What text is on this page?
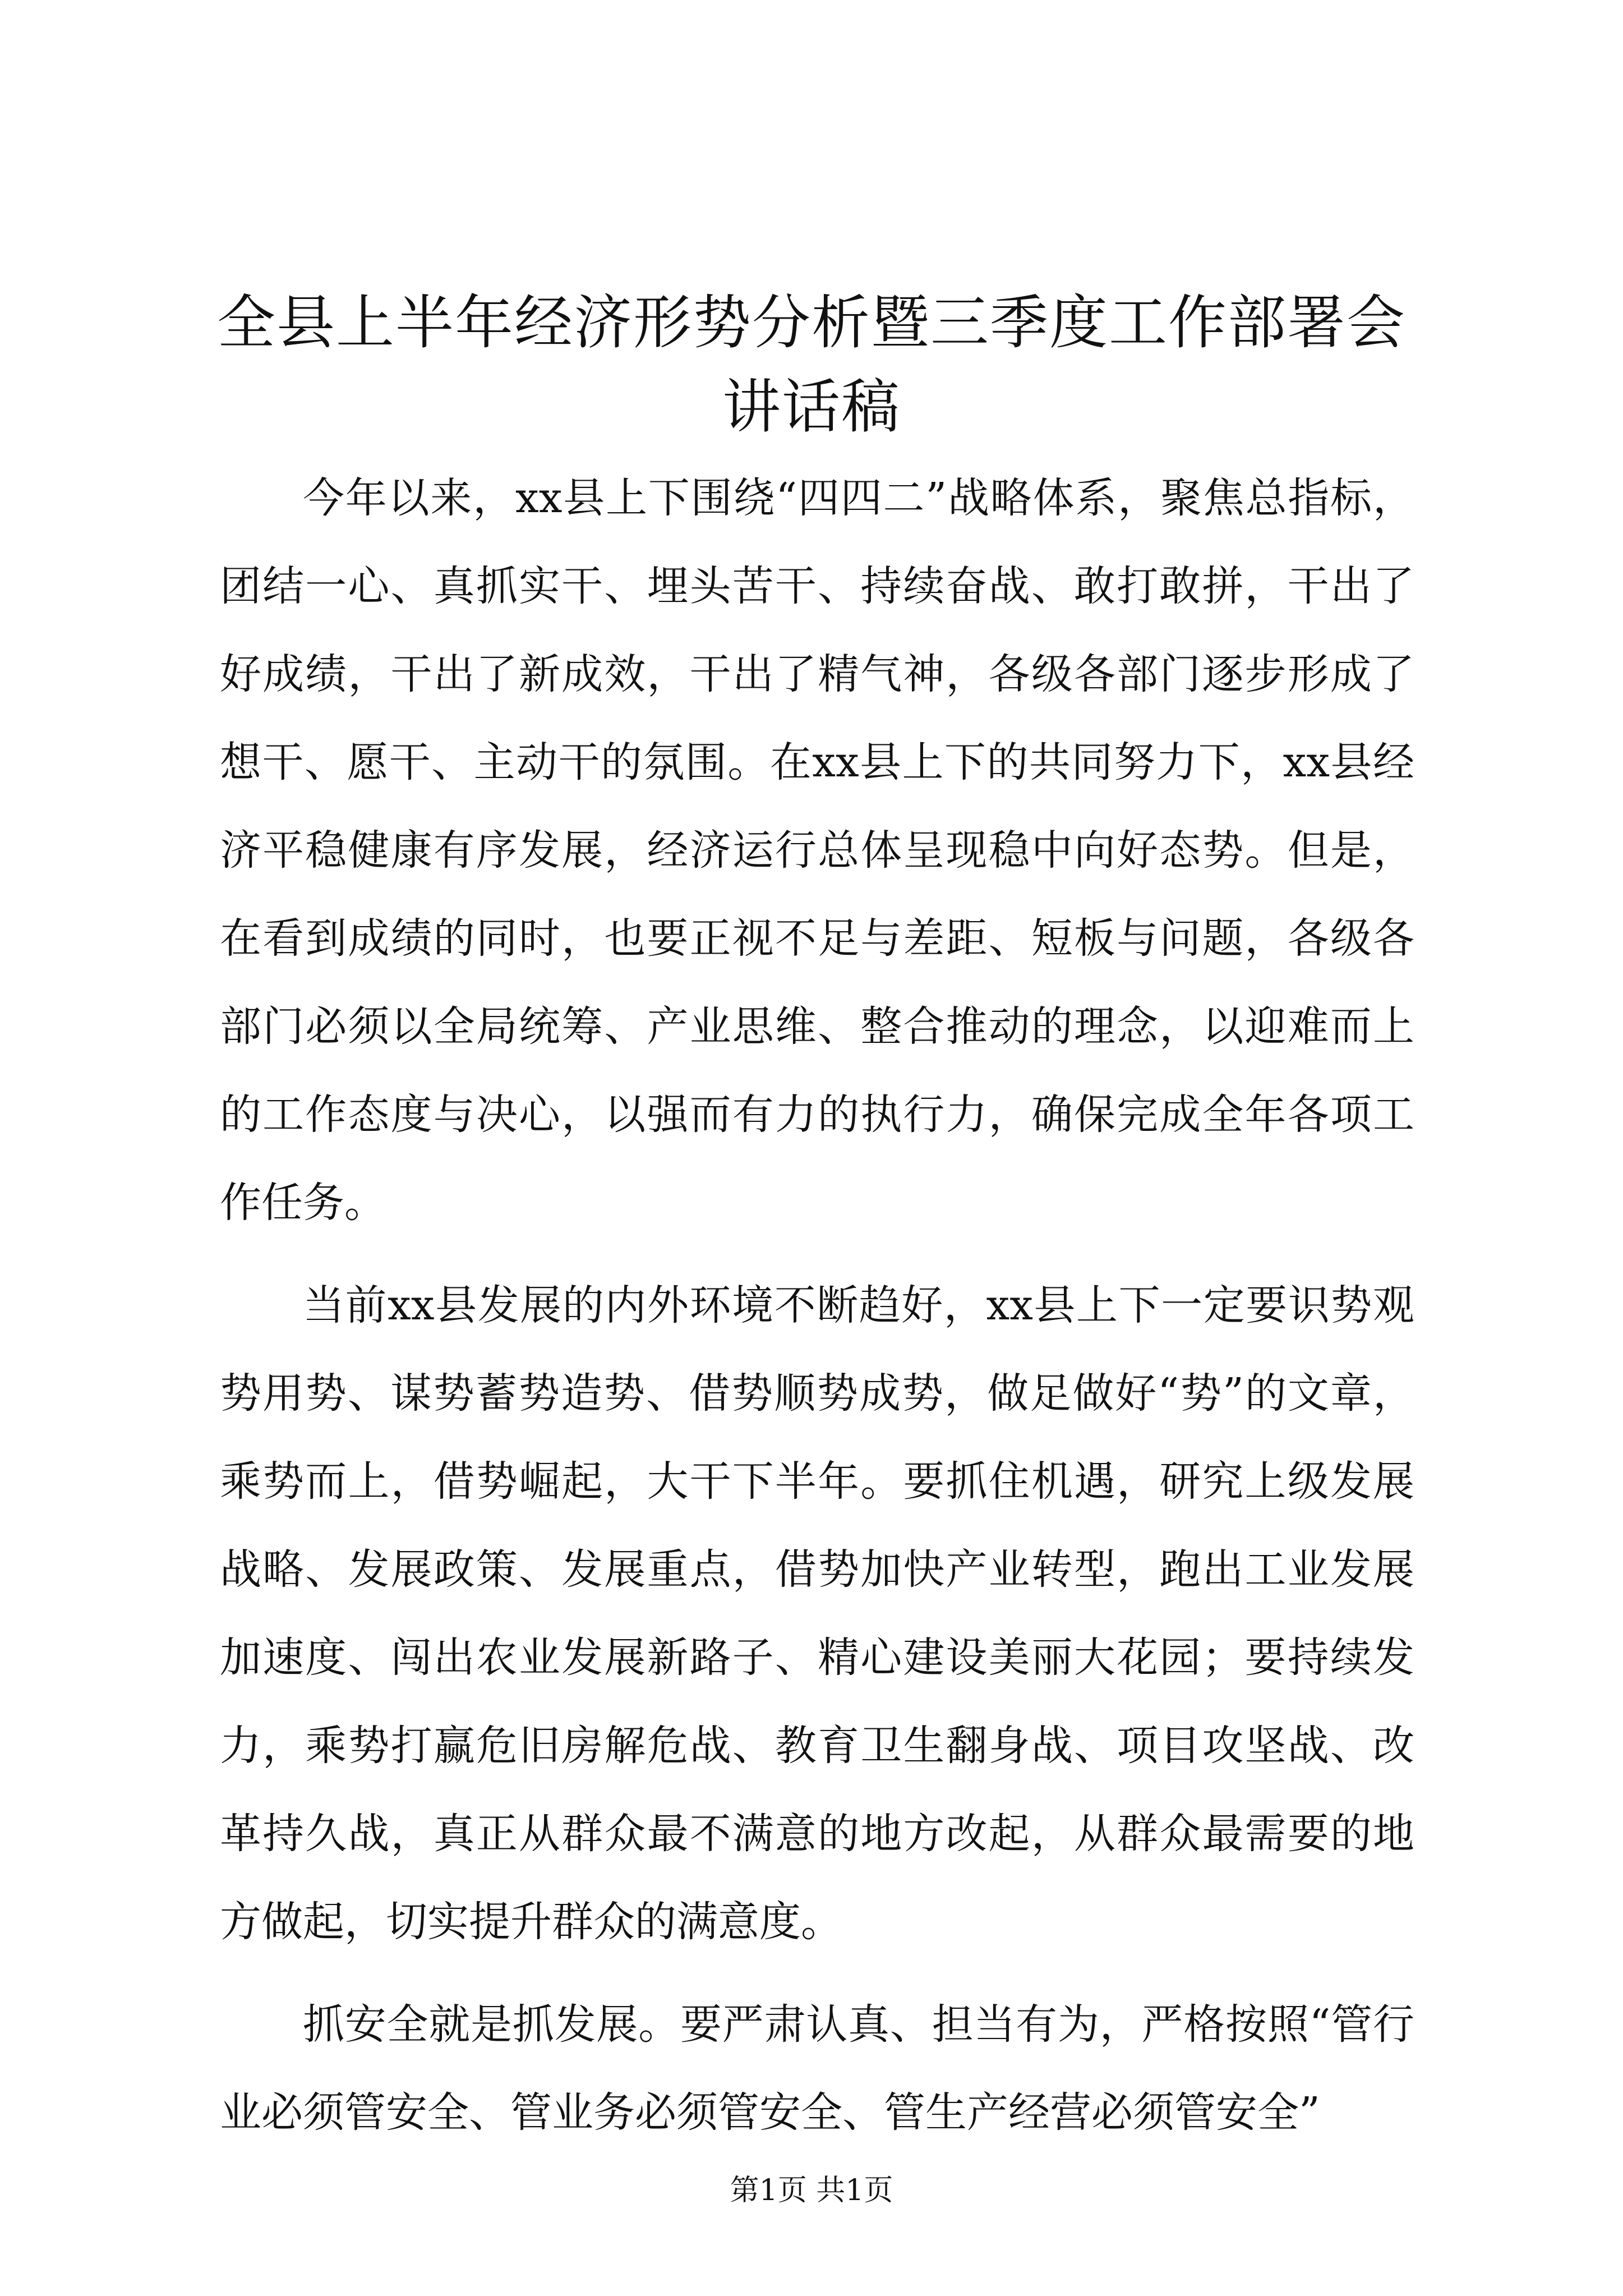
全县上半年经济形势分析暨三季度工作部署会
讲话稿

今年以来，xx县上下围绕“四四二”战略体系，聚焦总指标，团结一心、真抓实干、埋头苦干、持续奋战、敢打敢拼，干出了好成绩，干出了新成效，干出了精气神，各级各部门逐步形成了想干、愿干、主动干的氛围。在xx县上下的共同努力下，xx县经济平稳健康有序发展，经济运行总体呈现稳中向好态势。但是，在看到成绩的同时，也要正视不足与差距、短板与问题，各级各部门必须以全局统筹、产业思维、整合推动的理念，以迎难而上的工作态度与决心，以强而有力的执行力，确保完成全年各项工作任务。

当前xx县发展的内外环境不断趋好，xx县上下一定要识势观势用势、谋势蓄势造势、借势顺势成势，做足做好“势”的文章，乘势而上，借势崛起，大干下半年。要抓住机遇，研究上级发展战略、发展政策、发展重点，借势加快产业转型，跑出工业发展加速度、闯出农业发展新路子、精心建设美丽大花园；要持续发力，乘势打赢危旧房解危战、教育卫生翻身战、项目攻坚战、改革持久战，真正从群众最不满意的地方改起，从群众最需要的地方做起，切实提升群众的满意度。

抓安全就是抓发展。要严肃认真、担当有为，严格按照“管行业必须管安全、管业务必须管安全、管生产经营必须管安全”

第1页 共1页
